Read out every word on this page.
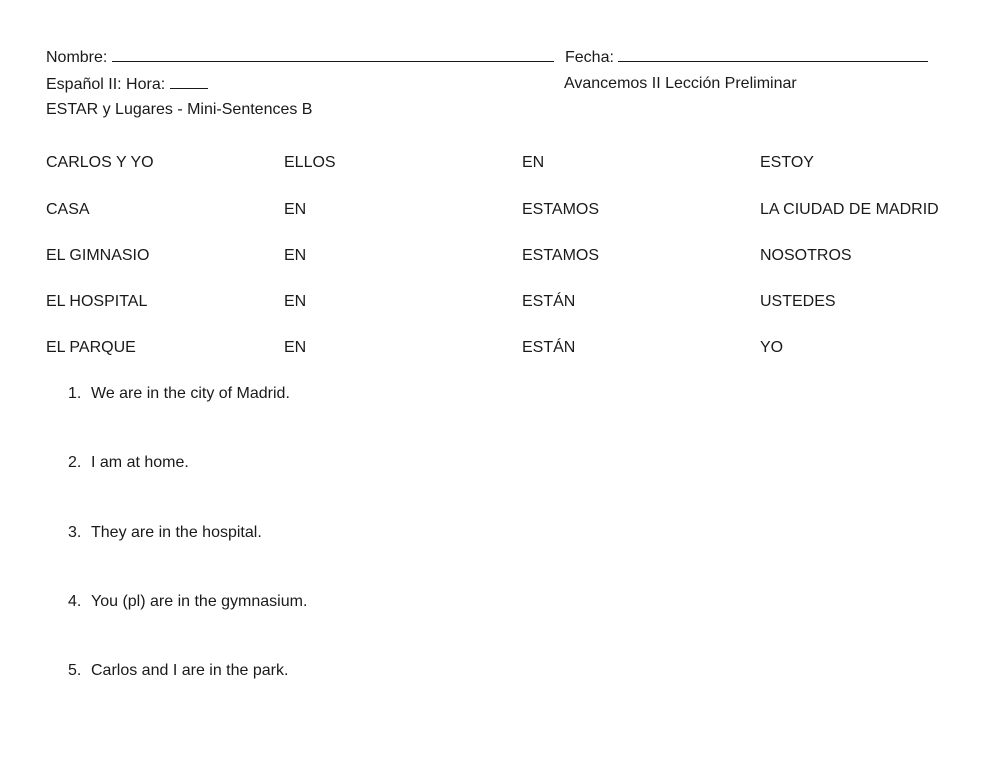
Nombre:	Fecha:
Español II: Hora:	Avancemos II Lección Preliminar
ESTAR y Lugares - Mini-Sentences B
CARLOS Y YO	ELLOS	EN	ESTOY
CASA	EN	ESTAMOS	LA CIUDAD DE MADRID
EL GIMNASIO	EN	ESTAMOS	NOSOTROS
EL HOSPITAL	EN	ESTÁN	USTEDES
EL PARQUE	EN	ESTÁN	YO
1. We are in the city of Madrid.
2. I am at home.
3. They are in the hospital.
4. You (pl) are in the gymnasium.
5. Carlos and I are in the park.
